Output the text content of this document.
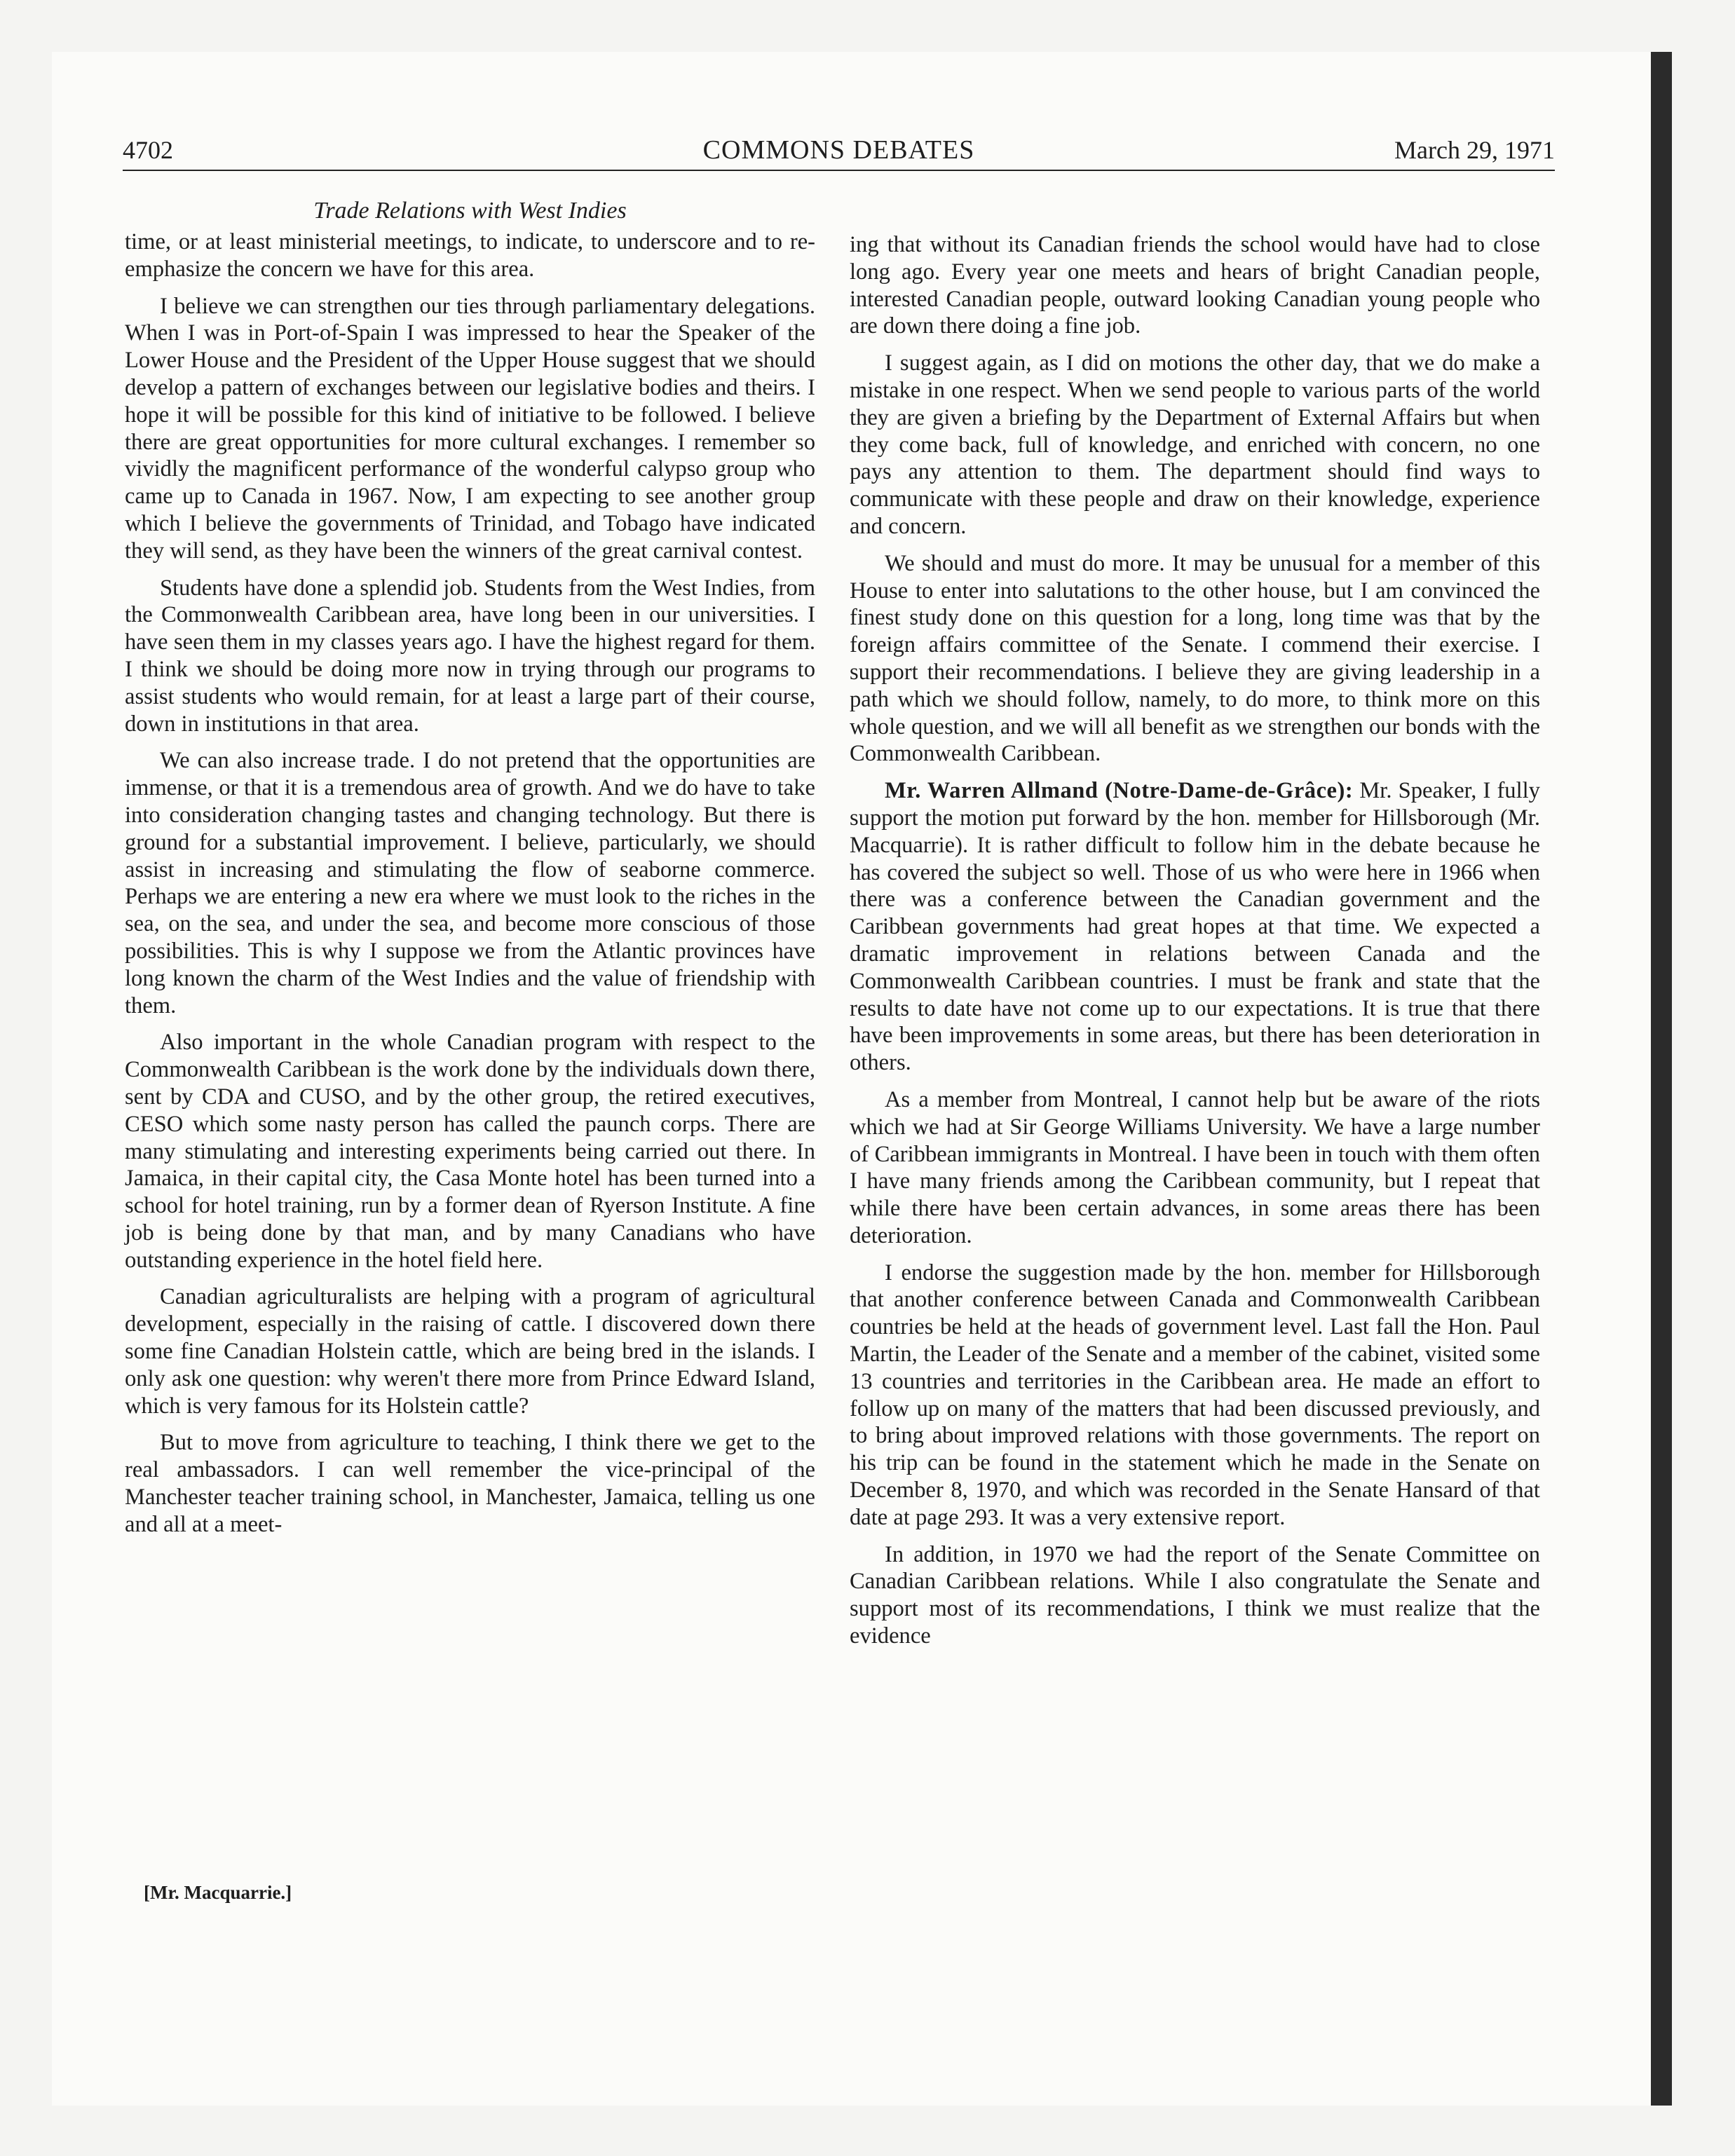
4702	COMMONS DEBATES	March 29, 1971
Trade Relations with West Indies

time, or at least ministerial meetings, to indicate, to underscore and to re-emphasize the concern we have for this area.

I believe we can strengthen our ties through parliamentary delegations. When I was in Port-of-Spain I was impressed to hear the Speaker of the Lower House and the President of the Upper House suggest that we should develop a pattern of exchanges between our legislative bodies and theirs. I hope it will be possible for this kind of initiative to be followed. I believe there are great opportunities for more cultural exchanges. I remember so vividly the magnificent performance of the wonderful calypso group who came up to Canada in 1967. Now, I am expecting to see another group which I believe the governments of Trinidad, and Tobago have indicated they will send, as they have been the winners of the great carnival contest.

Students have done a splendid job. Students from the West Indies, from the Commonwealth Caribbean area, have long been in our universities. I have seen them in my classes years ago. I have the highest regard for them. I think we should be doing more now in trying through our programs to assist students who would remain, for at least a large part of their course, down in institutions in that area.

We can also increase trade. I do not pretend that the opportunities are immense, or that it is a tremendous area of growth. And we do have to take into consideration changing tastes and changing technology. But there is ground for a substantial improvement. I believe, particularly, we should assist in increasing and stimulating the flow of seaborne commerce. Perhaps we are entering a new era where we must look to the riches in the sea, on the sea, and under the sea, and become more conscious of those possibilities. This is why I suppose we from the Atlantic provinces have long known the charm of the West Indies and the value of friendship with them.

Also important in the whole Canadian program with respect to the Commonwealth Caribbean is the work done by the individuals down there, sent by CDA and CUSO, and by the other group, the retired executives, CESO which some nasty person has called the paunch corps. There are many stimulating and interesting experiments being carried out there. In Jamaica, in their capital city, the Casa Monte hotel has been turned into a school for hotel training, run by a former dean of Ryerson Institute. A fine job is being done by that man, and by many Canadians who have outstanding experience in the hotel field here.

Canadian agriculturalists are helping with a program of agricultural development, especially in the raising of cattle. I discovered down there some fine Canadian Holstein cattle, which are being bred in the islands. I only ask one question: why weren't there more from Prince Edward Island, which is very famous for its Holstein cattle?

But to move from agriculture to teaching, I think there we get to the real ambassadors. I can well remember the vice-principal of the Manchester teacher training school, in Manchester, Jamaica, telling us one and all at a meet-

ing that without its Canadian friends the school would have had to close long ago. Every year one meets and hears of bright Canadian people, interested Canadian people, outward looking Canadian young people who are down there doing a fine job.

I suggest again, as I did on motions the other day, that we do make a mistake in one respect. When we send people to various parts of the world they are given a briefing by the Department of External Affairs but when they come back, full of knowledge, and enriched with concern, no one pays any attention to them. The department should find ways to communicate with these people and draw on their knowledge, experience and concern.

We should and must do more. It may be unusual for a member of this House to enter into salutations to the other house, but I am convinced the finest study done on this question for a long, long time was that by the foreign affairs committee of the Senate. I commend their exercise. I support their recommendations. I believe they are giving leadership in a path which we should follow, namely, to do more, to think more on this whole question, and we will all benefit as we strengthen our bonds with the Commonwealth Caribbean.

Mr. Warren Allmand (Notre-Dame-de-Grâce): Mr. Speaker, I fully support the motion put forward by the hon. member for Hillsborough (Mr. Macquarrie). It is rather difficult to follow him in the debate because he has covered the subject so well. Those of us who were here in 1966 when there was a conference between the Canadian government and the Caribbean governments had great hopes at that time. We expected a dramatic improvement in relations between Canada and the Commonwealth Caribbean countries. I must be frank and state that the results to date have not come up to our expectations. It is true that there have been improvements in some areas, but there has been deterioration in others.

As a member from Montreal, I cannot help but be aware of the riots which we had at Sir George Williams University. We have a large number of Caribbean immigrants in Montreal. I have been in touch with them often I have many friends among the Caribbean community, but I repeat that while there have been certain advances, in some areas there has been deterioration.

I endorse the suggestion made by the hon. member for Hillsborough that another conference between Canada and Commonwealth Caribbean countries be held at the heads of government level. Last fall the Hon. Paul Martin, the Leader of the Senate and a member of the cabinet, visited some 13 countries and territories in the Caribbean area. He made an effort to follow up on many of the matters that had been discussed previously, and to bring about improved relations with those governments. The report on his trip can be found in the statement which he made in the Senate on December 8, 1970, and which was recorded in the Senate Hansard of that date at page 293. It was a very extensive report.

In addition, in 1970 we had the report of the Senate Committee on Canadian Caribbean relations. While I also congratulate the Senate and support most of its recommendations, I think we must realize that the evidence

[Mr. Macquarrie.]
